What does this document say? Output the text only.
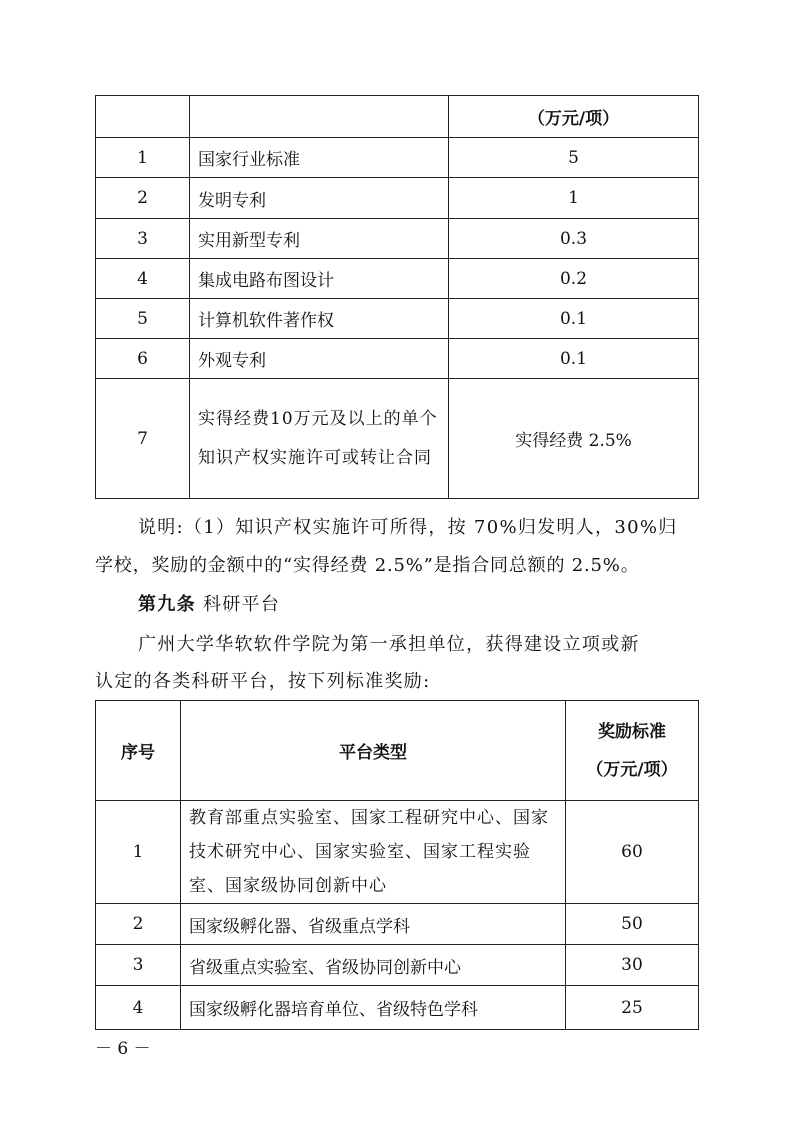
		（万元/项）
1	国家行业标准	5
2	发明专利	1
3	实用新型专利	0.3
4	集成电路布图设计	0.2
5	计算机软件著作权	0.1
6	外观专利	0.1
7	实得经费10万元及以上的单个知识产权实施许可或转让合同	实得经费 2.5%
说明:（1）知识产权实施许可所得，按 70%归发明人，30%归
学校，奖励的金额中的“实得经费 2.5%”是指合同总额的 2.5%。
第九条 科研平台
广州大学华软软件学院为第一承担单位，获得建设立项或新
认定的各类科研平台，按下列标准奖励:
序号	平台类型	奖励标准
（万元/项）

1	教育部重点实验室、国家工程研究中心、国家技术研究中心、国家实验室、国家工程实验室、国家级协同创新中心	60
2	国家级孵化器、省级重点学科	50
3	省级重点实验室、省级协同创新中心	30
4	国家级孵化器培育单位、省级特色学科	25
－ 6 －
